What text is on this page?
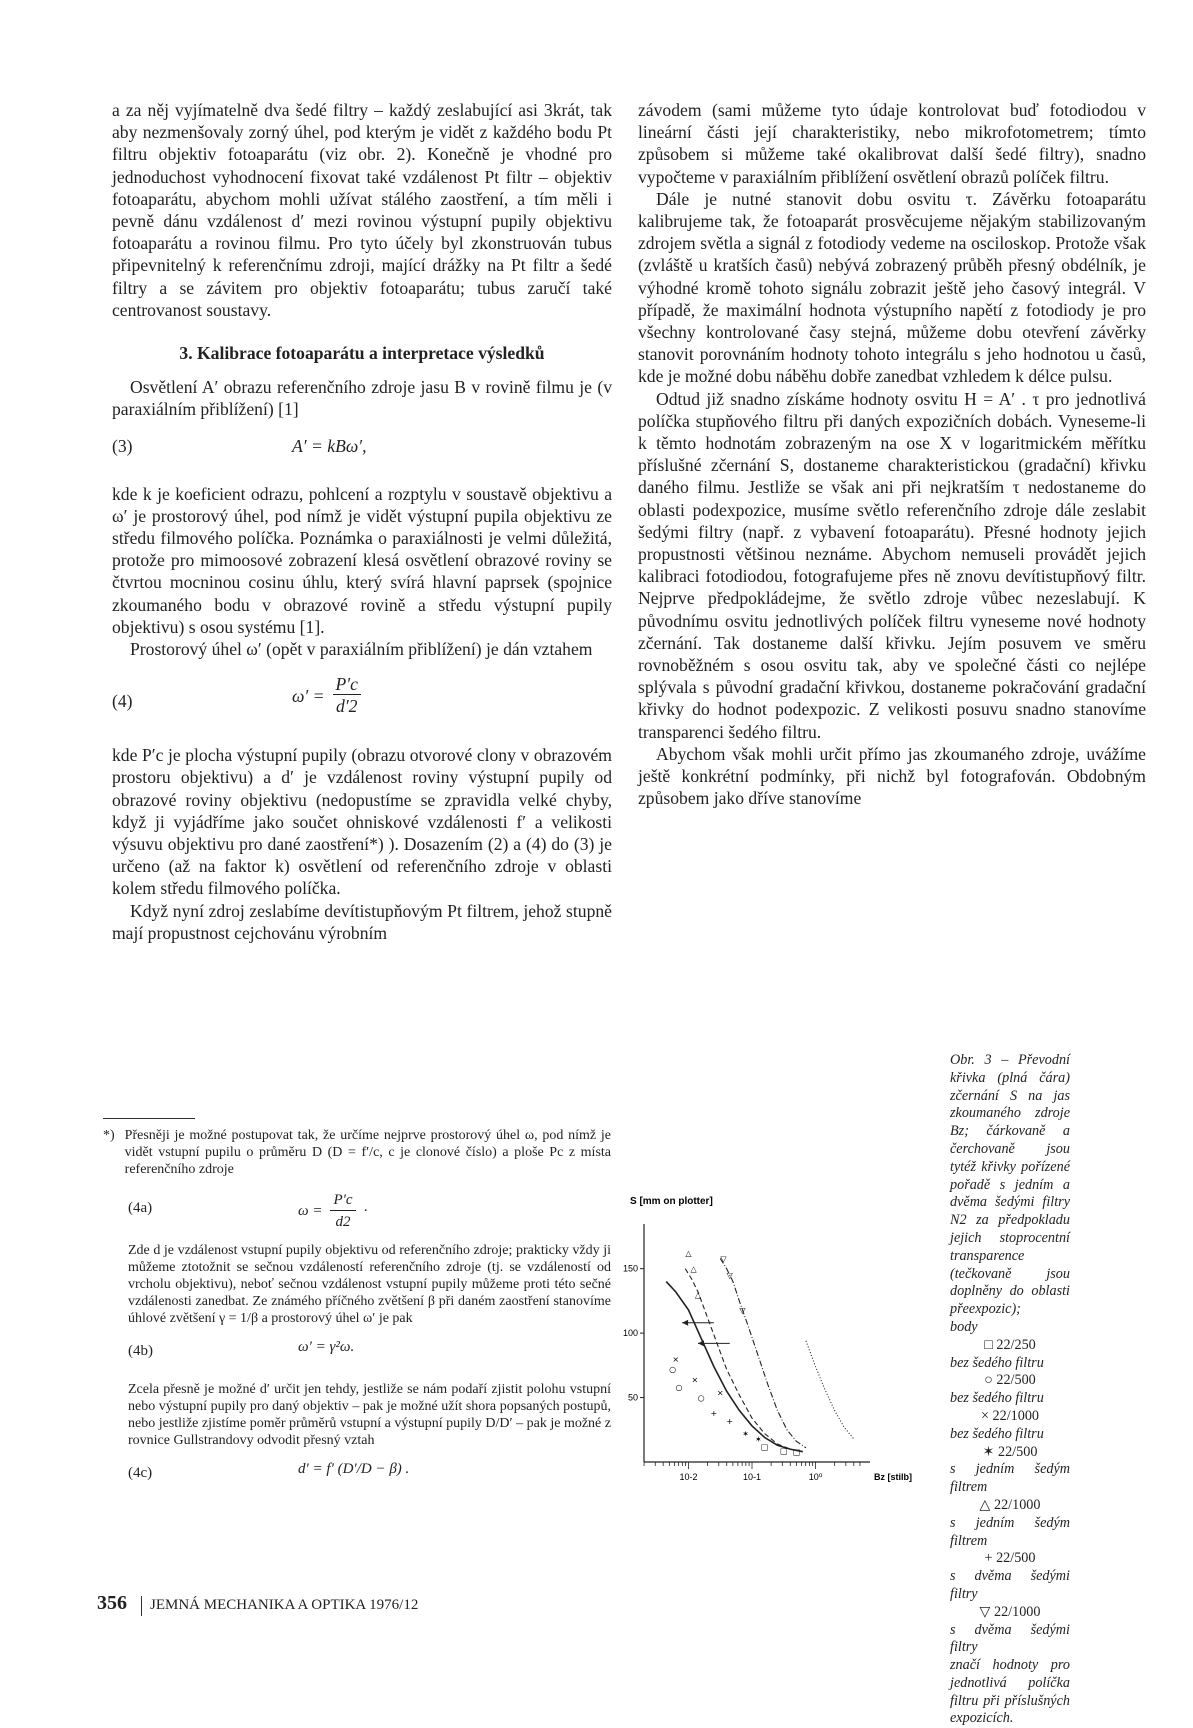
a za něj vyjímatelně dva šedé filtry – každý zeslabující asi 3krát, tak aby nezmenšovaly zorný úhel, pod kterým je vidět z každého bodu Pt filtru objektiv fotoaparátu (viz obr. 2). Konečně je vhodné pro jednoduchost vyhodnocení fixovat také vzdálenost Pt filtr – objektiv fotoaparátu, abychom mohli užívat stálého zaostření, a tím měli i pevně dánu vzdálenost d′ mezi rovinou výstupní pupily objektivu fotoaparátu a rovinou filmu. Pro tyto účely byl zkonstruován tubus připevnitelný k referenčnímu zdroji, mající drážky na Pt filtr a šedé filtry a se závitem pro objektiv fotoaparátu; tubus zaručí také centrovanost soustavy.

3. Kalibrace fotoaparátu a interpretace výsledků

Osvětlení A′ obrazu referenčního zdroje jasu B v rovině filmu je (v paraxiálním přiblížení) [1]

(3)	A′ = kBω′,

kde k je koeficient odrazu, pohlcení a rozptylu v soustavě objektivu a ω′ je prostorový úhel, pod nímž je vidět výstupní pupila objektivu ze středu filmového políčka. Poznámka o paraxiálnosti je velmi důležitá, protože pro mimoosové zobrazení klesá osvětlení obrazové roviny se čtvrtou mocninou cosinu úhlu, který svírá hlavní paprsek (spojnice zkoumaného bodu v obrazové rovině a středu výstupní pupily objektivu) s osou systému [1].

Prostorový úhel ω′ (opět v paraxiálním přiblížení) je dán vztahem

(4)	$\omega' = \frac{P'c}{d'2}$

kde P′c je plocha výstupní pupily (obrazu otvorové clony v obrazovém prostoru objektivu) a d′ je vzdálenost roviny výstupní pupily od obrazové roviny objektivu (nedopustíme se zpravidla velké chyby, když ji vyjádříme jako součet ohniskové vzdálenosti f′ a velikosti výsuvu objektivu pro dané zaostření*) ). Dosazením (2) a (4) do (3) je určeno (až na faktor k) osvětlení od referenčního zdroje v oblasti kolem středu filmového políčka.

Když nyní zdroj zeslabíme devítistupňovým Pt filtrem, jehož stupně mají propustnost cejchovánu výrobním

závodem (sami můžeme tyto údaje kontrolovat buď fotodiodou v lineární části její charakteristiky, nebo mikrofotometrem; tímto způsobem si můžeme také okalibrovat další šedé filtry), snadno vypočteme v paraxiálním přiblížení osvětlení obrazů políček filtru.

Dále je nutné stanovit dobu osvitu τ. Závěrku fotoaparátu kalibrujeme tak, že fotoaparát prosvěcujeme nějakým stabilizovaným zdrojem světla a signál z fotodiody vedeme na osciloskop. Protože však (zvláště u kratších časů) nebývá zobrazený průběh přesný obdélník, je výhodné kromě tohoto signálu zobrazit ještě jeho časový integrál. V případě, že maximální hodnota výstupního napětí z fotodiody je pro všechny kontrolované časy stejná, můžeme dobu otevření závěrky stanovit porovnáním hodnoty tohoto integrálu s jeho hodnotou u časů, kde je možné dobu náběhu dobře zanedbat vzhledem k délce pulsu.

Odtud již snadno získáme hodnoty osvitu H = A′ . τ pro jednotlivá políčka stupňového filtru při daných expozičních dobách. Vyneseme-li k těmto hodnotám zobrazeným na ose X v logaritmickém měřítku příslušné zčernání S, dostaneme charakteristickou (gradační) křivku daného filmu. Jestliže se však ani při nejkratším τ nedostaneme do oblasti podexpozice, musíme světlo referenčního zdroje dále zeslabit šedými filtry (např. z vybavení fotoaparátu). Přesné hodnoty jejich propustnosti většinou neznáme. Abychom nemuseli provádět jejich kalibraci fotodiodou, fotografujeme přes ně znovu devítistupňový filtr. Nejprve předpokládejme, že světlo zdroje vůbec nezeslabují. K původnímu osvitu jednotlivých políček filtru vyneseme nové hodnoty zčernání. Tak dostaneme další křivku. Jejím posuvem ve směru rovnoběžném s osou osvitu tak, aby ve společné části co nejlépe splývala s původní gradační křivkou, dostaneme pokračování gradační křivky do hodnot podexpozic. Z velikosti posuvu snadno stanovíme transparenci šedého filtru.

Abychom však mohli určit přímo jas zkoumaného zdroje, uvážíme ještě konkrétní podmínky, při nichž byl fotografován. Obdobným způsobem jako dříve stanovíme

*) Přesněji je možné postupovat tak, že určíme nejprve prostorový úhel ω, pod nímž je vidět vstupní pupilu o průměru D (D = f′/c, c je clonové číslo) a ploše Pc z místa referenčního zdroje

(4a)	$\omega = \frac{P'c}{d2}$ ·

Zde d je vzdálenost vstupní pupily objektivu od referenčního zdroje; prakticky vždy ji můžeme ztotožnit se sečnou vzdáleností referenčního zdroje (tj. se vzdáleností od vrcholu objektivu), neboť sečnou vzdálenost vstupní pupily můžeme proti této sečné vzdálenosti zanedbat. Ze známého příčného zvětšení β při daném zaostření stanovíme úhlové zvětšení γ = 1/β a prostorový úhel ω′ je pak

(4b)	ω′ = γ²ω.

Zcela přesně je možné d′ určit jen tehdy, jestliže se nám podaří zjistit polohu vstupní nebo výstupní pupily pro daný objektiv – pak je možné užít shora popsaných postupů, nebo jestliže zjistíme poměr průměrů vstupní a výstupní pupily D/D′ – pak je možné z rovnice Gullstrandovy odvodit přesný vztah

(4c)	d′ = f′ (D′/D − β) .

Obr. 3 – Převodní křivka (plná čára) zčernání S na jas zkoumaného zdroje Bz; čárkovaně a čerchovaně jsou tytéž křivky pořízené pořadě s jedním a dvěma šedými filtry N2 za předpokladu jejich stoprocentní transparence (tečkovaně jsou doplněny do oblasti přeexpozic);

body
□ 22/250
bez šedého filtru
○ 22/500
bez šedého filtru
× 22/1000
bez šedého filtru
✶ 22/500
s jedním šedým filtrem
△ 22/1000
s jedním šedým filtrem
+ 22/500
s dvěma šedými filtry
▽ 22/1000
s dvěma šedými filtry

značí hodnoty pro jednotlivá políčka filtru při příslušných expozicích.

S [mm on plotter]
50
100
150
10-2	10-1	10⁰	Bz [stilb]
△
△
△
▽
▽
▽
○
○
○
×
×
×
+
+
✶
✶
□ □ □
356 JEMNÁ MECHANIKA A OPTIKA 1976/12
